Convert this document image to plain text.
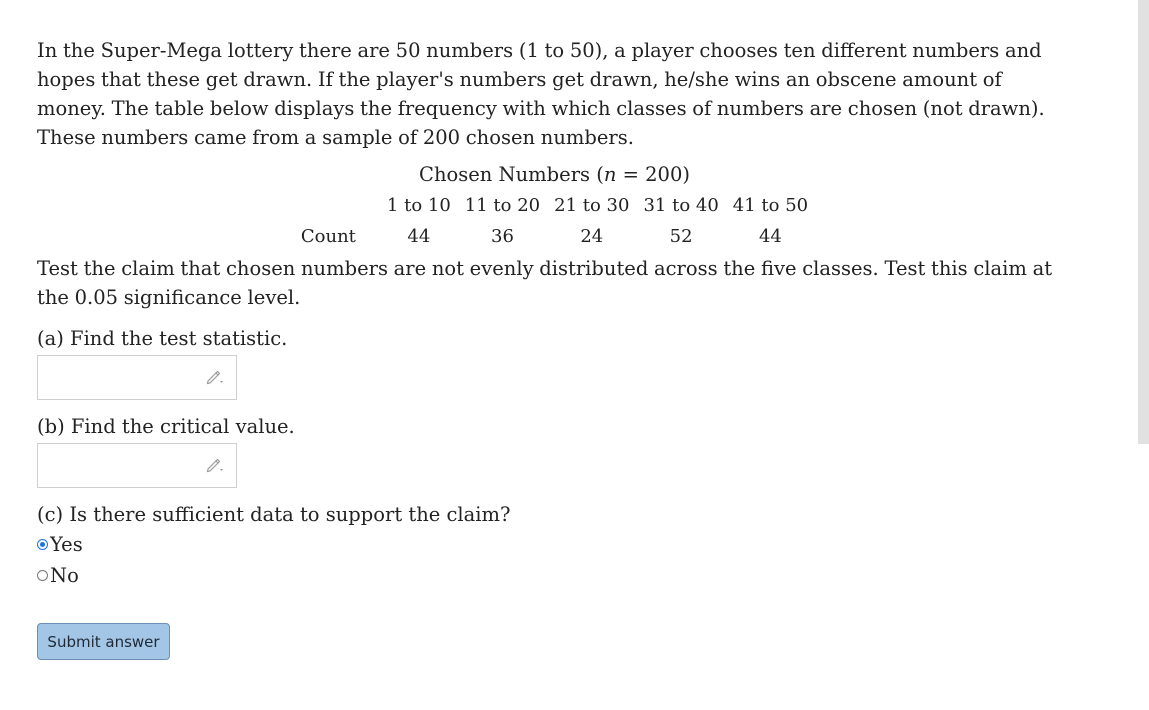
In the Super-Mega lottery there are 50 numbers (1 to 50), a player chooses ten different numbers and hopes that these get drawn. If the player's numbers get drawn, he/she wins an obscene amount of money. The table below displays the frequency with which classes of numbers are chosen (not drawn). These numbers came from a sample of 200 chosen numbers.

Chosen Numbers (n = 200)
	1 to 10	11 to 20	21 to 30	31 to 40	41 to 50
Count	44	36	24	52	44

Test the claim that chosen numbers are not evenly distributed across the five classes. Test this claim at the 0.05 significance level.

(a) Find the test statistic.

(b) Find the critical value.

(c) Is there sufficient data to support the claim?

Yes
No
Submit answer
